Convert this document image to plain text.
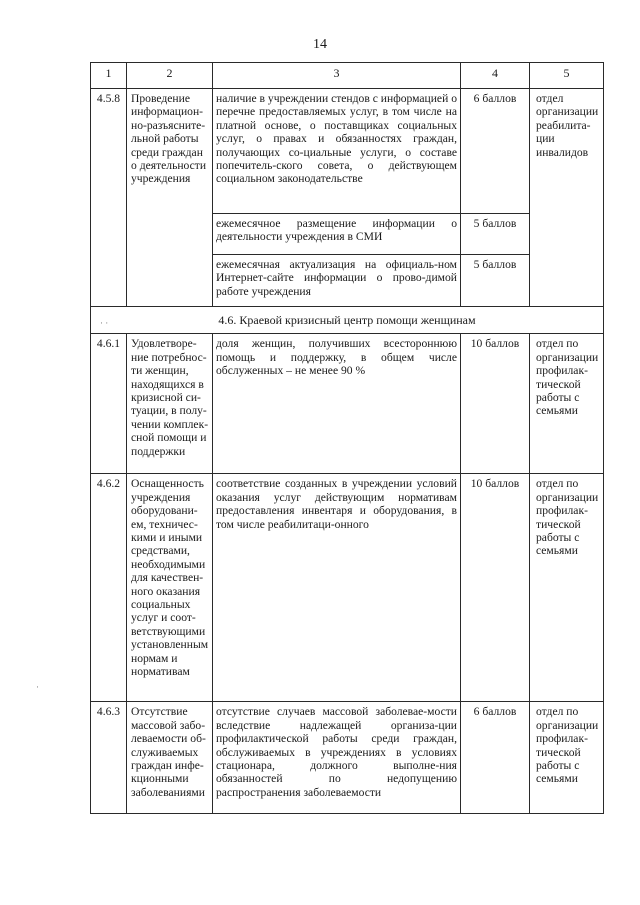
14
1	2	3	4	5
4.5.8	Проведение информацион-но-разъясните-льной работы среди граждан о деятельности учреждения	наличие в учреждении стендов с информацией о перечне предоставляемых услуг, в том числе на платной основе, о поставщиках социальных услуг, о правах и обязанностях граждан, получающих со-циальные услуги, о составе попечитель-ского совета, о действующем социальном законодательстве	6 баллов	отдел организации реабилита-ции инвалидов
		ежемесячное размещение информации о деятельности учреждения в СМИ	5 баллов	
		ежемесячная актуализация на официаль-ном Интернет-сайте информации о прово-димой работе учреждения	5 баллов	
4.6. Краевой кризисный центр помощи женщинам				
4.6.1	Удовлетворе-ние потребнос-ти женщин, находящихся в кризисной си-туации, в полу-чении комплек-сной помощи и поддержки	доля женщин, получивших всестороннюю помощь и поддержку, в общем числе обслуженных – не менее 90 %	10 баллов	отдел по организации профилак-тической работы с семьями
4.6.2	Оснащенность учреждения оборудовани-ем, техничес-кими и иными средствами, необходимыми для качествен-ного оказания социальных услуг и соот-ветствующими установленным нормам и нормативам	соответствие созданных в учреждении условий оказания услуг действующим нормативам предоставления инвентаря и оборудования, в том числе реабилитаци-онного	10 баллов	отдел по организации профилак-тической работы с семьями
4.6.3	Отсутствие массовой забо-леваемости об-служиваемых граждан инфе-кционными заболеваниями	отсутствие случаев массовой заболевае-мости вследствие надлежащей организа-ции профилактической работы среди граждан, обслуживаемых в учреждениях в условиях стационара, должного выполне-ния обязанностей по недопущению распространения заболеваемости	6 баллов	отдел по организации профилак-тической работы с семьями
· ·
·
